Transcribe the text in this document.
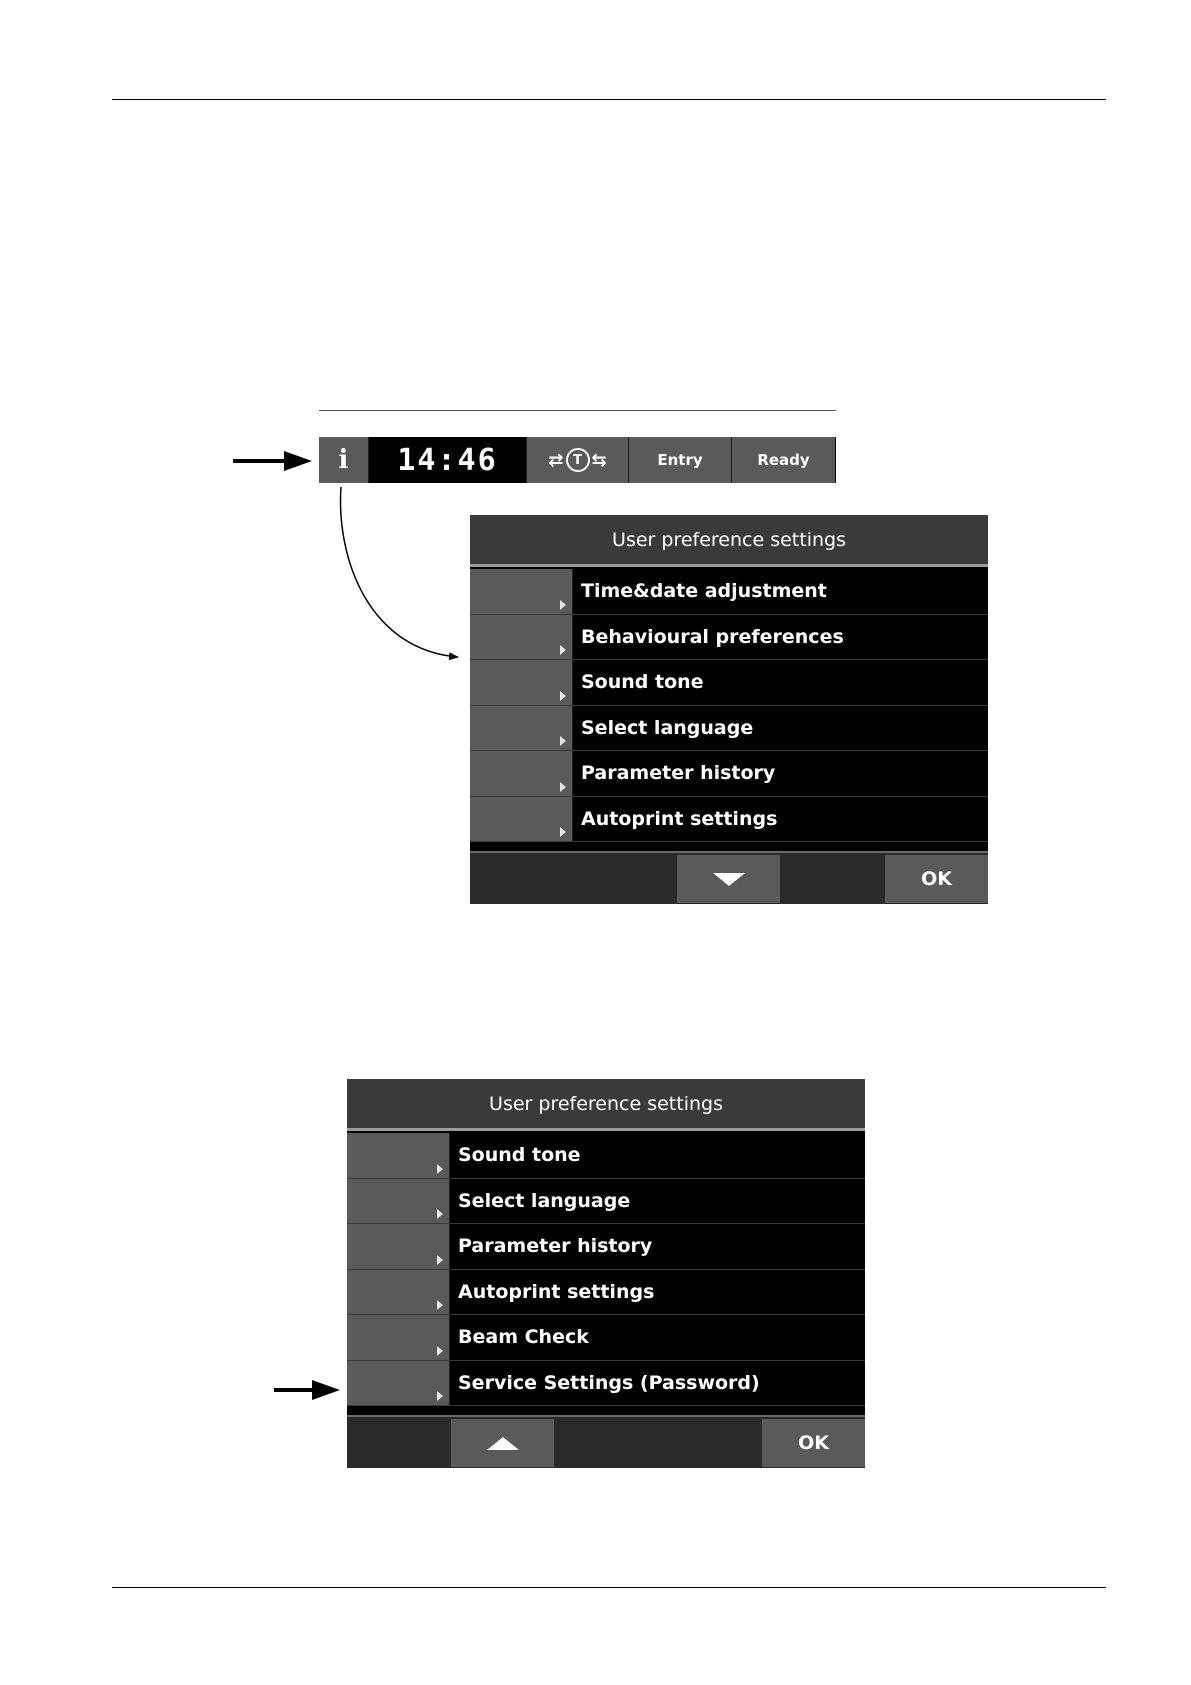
i	14:46	⇄ T ⇆	Entry	Ready
User preference settings
Time&date adjustment
Behavioural preferences
Sound tone
Select language
Parameter history
Autoprint settings
OK
User preference settings
Sound tone
Select language
Parameter history
Autoprint settings
Beam Check
Service Settings (Password)
OK
